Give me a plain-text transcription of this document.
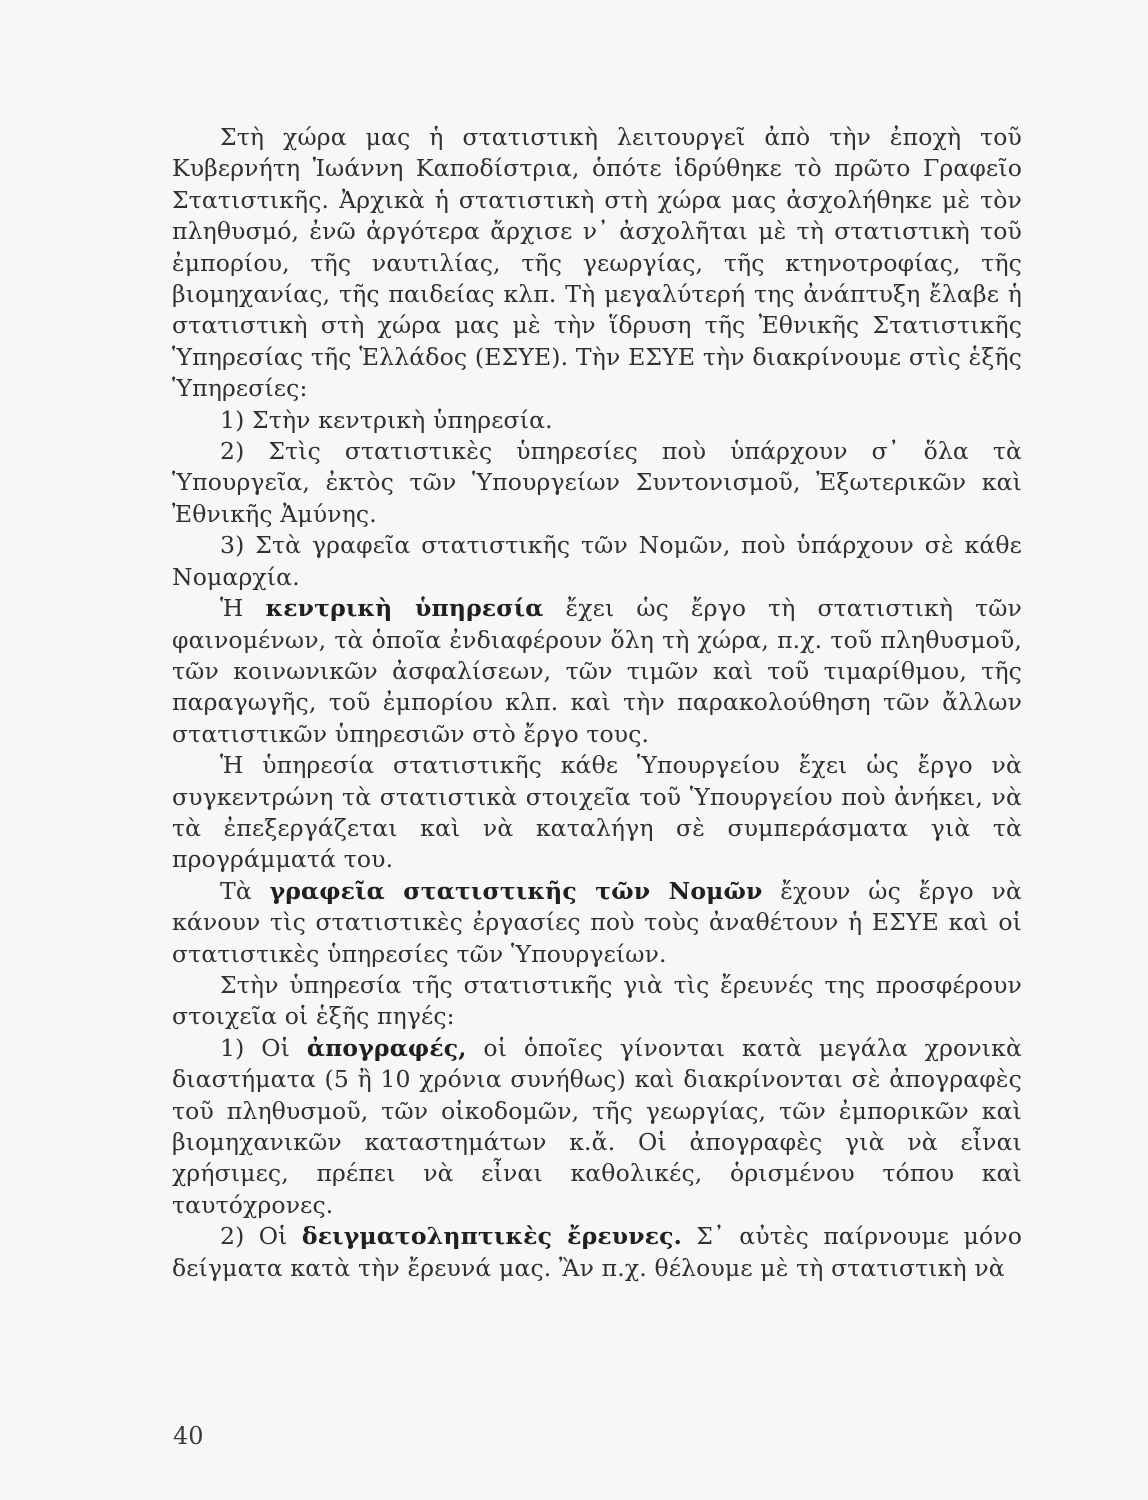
Στὴ χώρα μας ἡ στατιστικὴ λειτουργεῖ ἀπὸ τὴν ἐποχὴ τοῦ Κυβερνήτη Ἰωάννη Καποδίστρια, ὁπότε ἱδρύθηκε τὸ πρῶτο Γραφεῖο Στατιστικῆς. Ἀρχικὰ ἡ στατιστικὴ στὴ χώρα μας ἀσχολήθηκε μὲ τὸν πληθυσμό, ἐνῶ ἀργότερα ἄρχισε ν᾿ ἀσχολῆται μὲ τὴ στατιστικὴ τοῦ ἐμπορίου, τῆς ναυτιλίας, τῆς γεωργίας, τῆς κτηνοτροφίας, τῆς βιομηχανίας, τῆς παιδείας κλπ. Τὴ μεγαλύτερή της ἀνάπτυξη ἔλαβε ἡ στατιστικὴ στὴ χώρα μας μὲ τὴν ἵδρυση τῆς Ἐθνικῆς Στατιστικῆς Ὑπηρεσίας τῆς Ἑλλάδος (ΕΣΥΕ). Τὴν ΕΣΥΕ τὴν διακρίνουμε στὶς ἑξῆς Ὑπηρεσίες:

1) Στὴν κεντρικὴ ὑπηρεσία.

2) Στὶς στατιστικὲς ὑπηρεσίες ποὺ ὑπάρχουν σ᾿ ὅλα τὰ Ὑπουργεῖα, ἐκτὸς τῶν Ὑπουργείων Συντονισμοῦ, Ἐξωτερικῶν καὶ Ἐθνικῆς Ἀμύνης.

3) Στὰ γραφεῖα στατιστικῆς τῶν Νομῶν, ποὺ ὑπάρχουν σὲ κάθε Νομαρχία.

Ἡ κεντρικὴ ὑπηρεσία ἔχει ὡς ἔργο τὴ στατιστικὴ τῶν φαινομένων, τὰ ὁποῖα ἐνδιαφέρουν ὅλη τὴ χώρα, π.χ. τοῦ πληθυσμοῦ, τῶν κοινωνικῶν ἀσφαλίσεων, τῶν τιμῶν καὶ τοῦ τιμαρίθμου, τῆς παραγωγῆς, τοῦ ἐμπορίου κλπ. καὶ τὴν παρακολούθηση τῶν ἄλλων στατιστικῶν ὑπηρεσιῶν στὸ ἔργο τους.

Ἡ ὑπηρεσία στατιστικῆς κάθε Ὑπουργείου ἔχει ὡς ἔργο νὰ συγκεντρώνη τὰ στατιστικὰ στοιχεῖα τοῦ Ὑπουργείου ποὺ ἀνήκει, νὰ τὰ ἐπεξεργάζεται καὶ νὰ καταλήγη σὲ συμπεράσματα γιὰ τὰ προγράμματά του.

Τὰ γραφεῖα στατιστικῆς τῶν Νομῶν ἔχουν ὡς ἔργο νὰ κάνουν τὶς στατιστικὲς ἐργασίες ποὺ τοὺς ἀναθέτουν ἡ ΕΣΥΕ καὶ οἱ στατιστικὲς ὑπηρεσίες τῶν Ὑπουργείων.

Στὴν ὑπηρεσία τῆς στατιστικῆς γιὰ τὶς ἔρευνές της προσφέρουν στοιχεῖα οἱ ἑξῆς πηγές:

1) Οἱ ἀπογραφές, οἱ ὁποῖες γίνονται κατὰ μεγάλα χρονικὰ διαστήματα (5 ἢ 10 χρόνια συνήθως) καὶ διακρίνονται σὲ ἀπογραφὲς τοῦ πληθυσμοῦ, τῶν οἰκοδομῶν, τῆς γεωργίας, τῶν ἐμπορικῶν καὶ βιομηχανικῶν καταστημάτων κ.ἄ. Οἱ ἀπογραφὲς γιὰ νὰ εἶναι χρήσιμες, πρέπει νὰ εἶναι καθολικές, ὁρισμένου τόπου καὶ ταυτόχρονες.

2) Οἱ δειγματοληπτικὲς ἔρευνες. Σ᾿ αὐτὲς παίρνουμε μόνο δείγματα κατὰ τὴν ἔρευνά μας. Ἂν π.χ. θέλουμε μὲ τὴ στατιστικὴ νὰ

40
